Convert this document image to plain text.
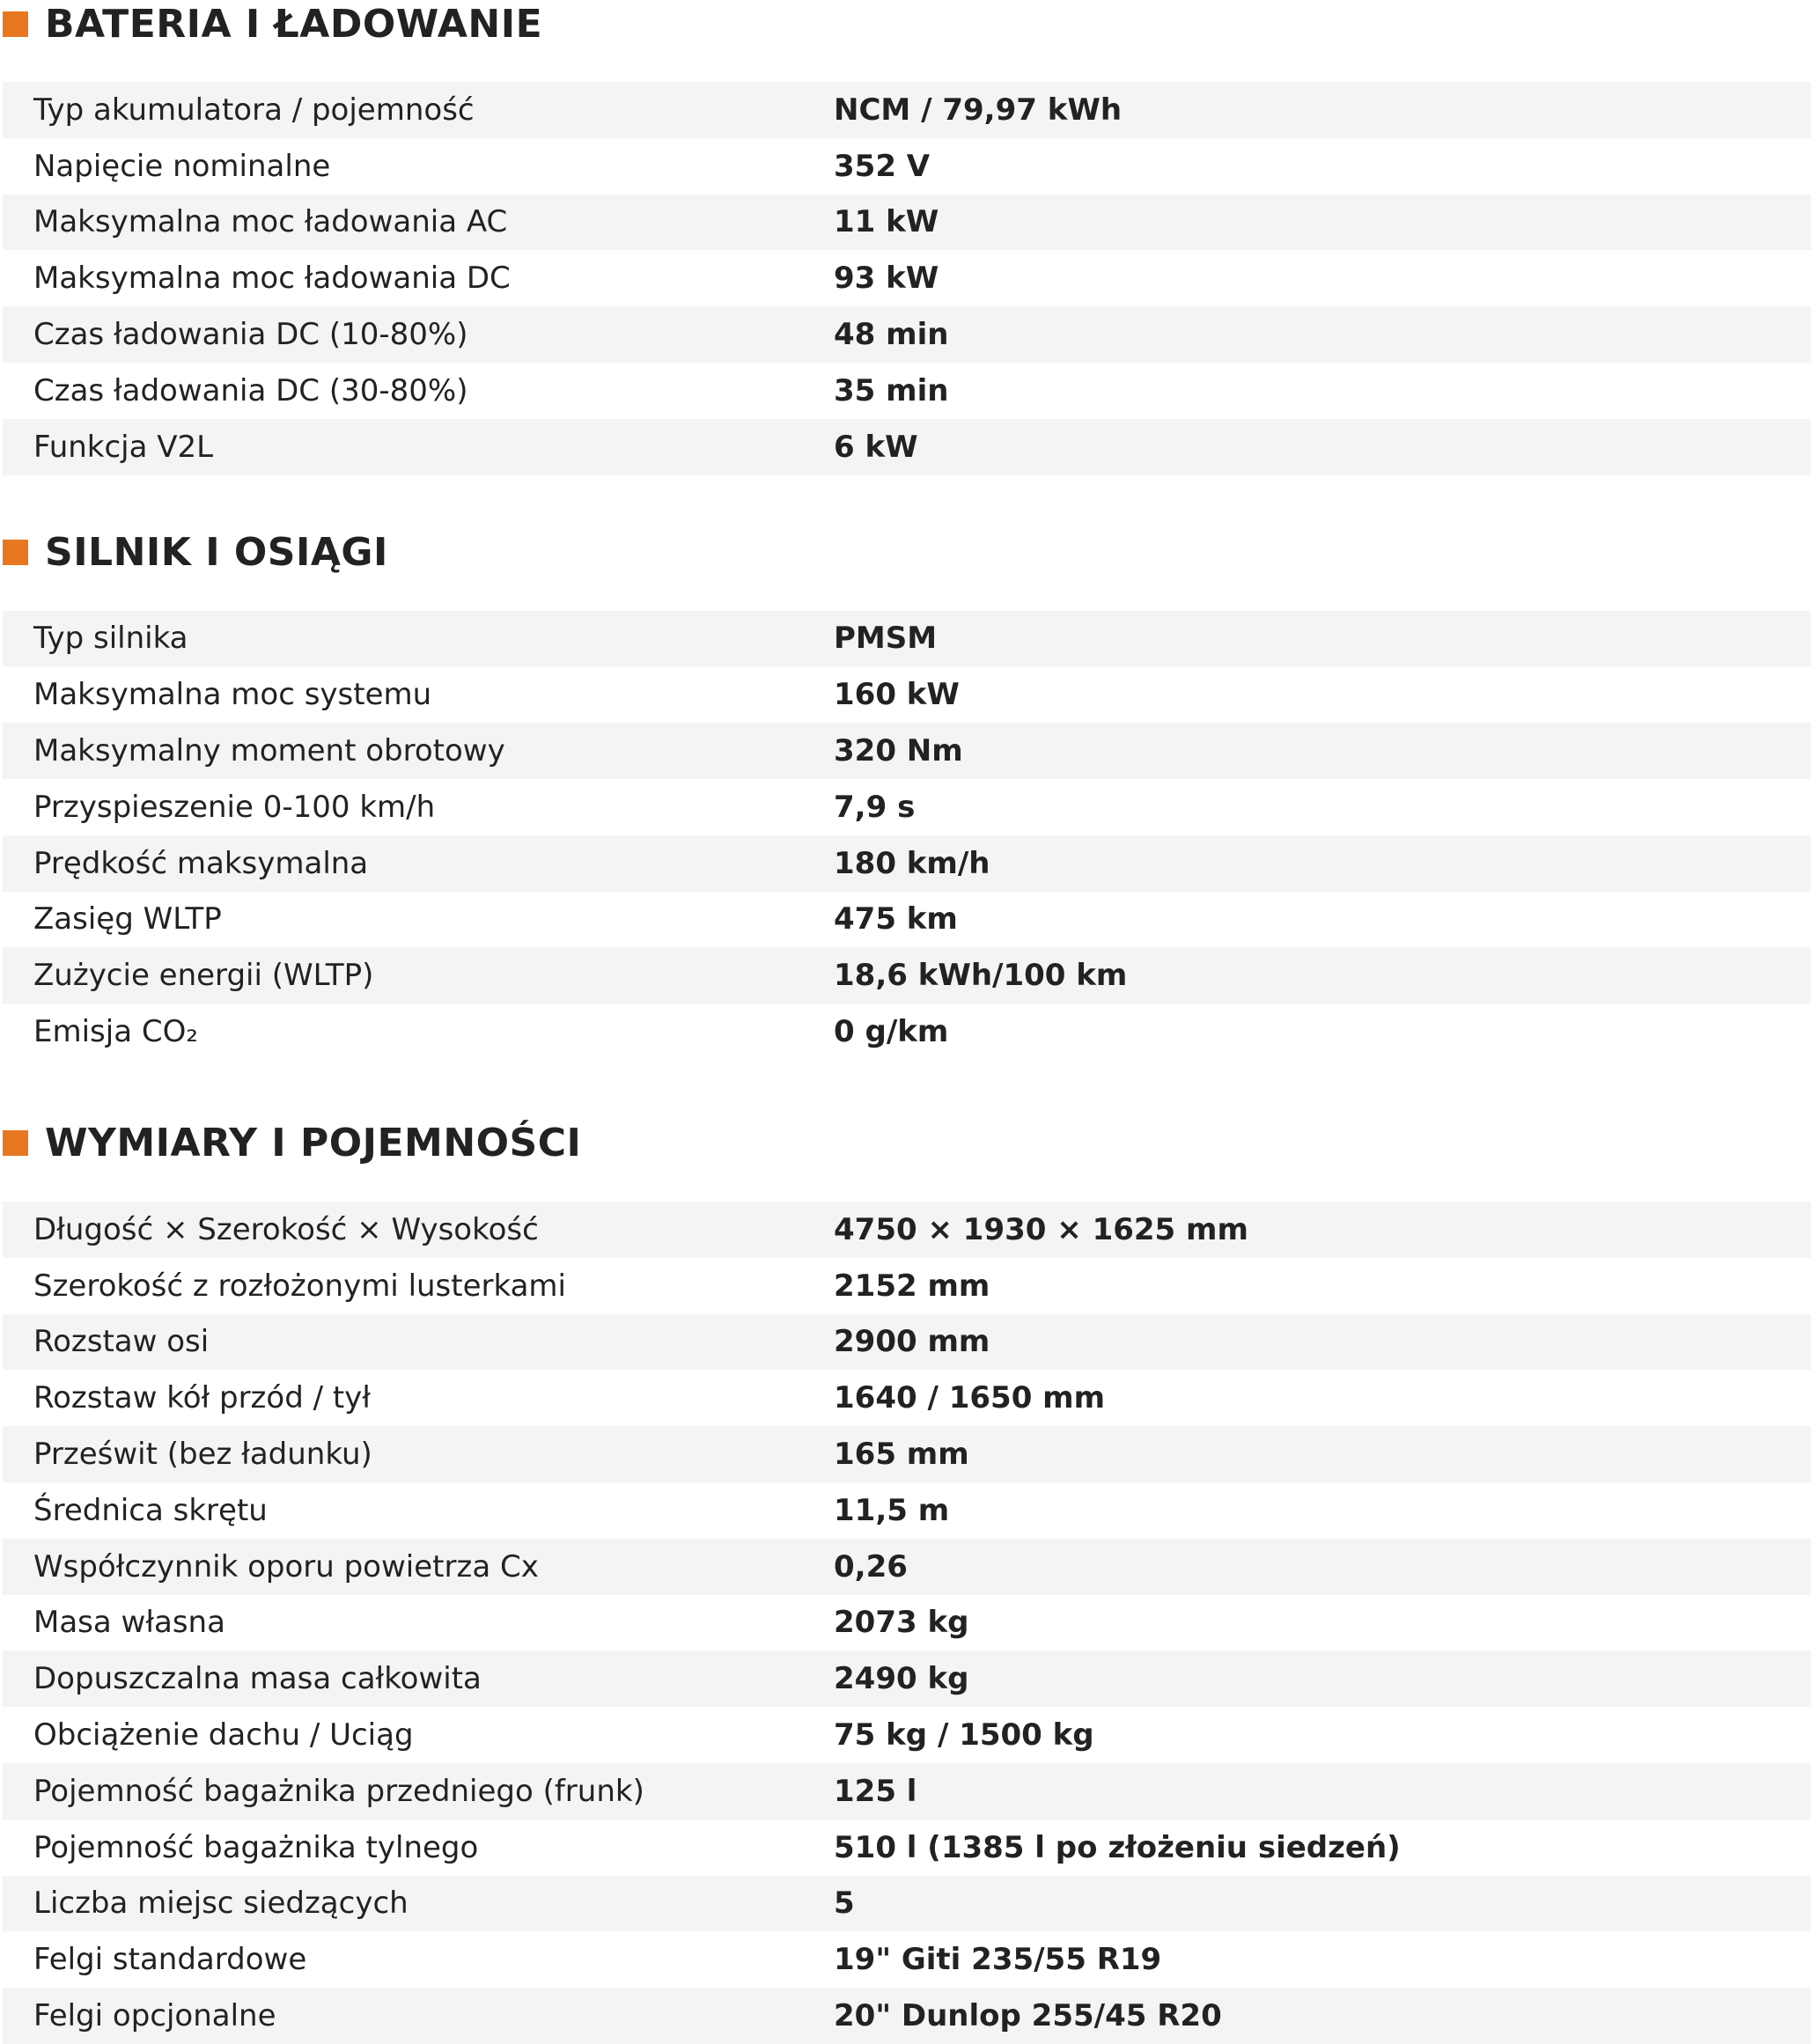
BATERIA I ŁADOWANIE
Typ akumulatora / pojemność	NCM / 79,97 kWh
Napięcie nominalne	352 V
Maksymalna moc ładowania AC	11 kW
Maksymalna moc ładowania DC	93 kW
Czas ładowania DC (10-80%)	48 min
Czas ładowania DC (30-80%)	35 min
Funkcja V2L	6 kW
SILNIK I OSIĄGI
Typ silnika	PMSM
Maksymalna moc systemu	160 kW
Maksymalny moment obrotowy	320 Nm
Przyspieszenie 0-100 km/h	7,9 s
Prędkość maksymalna	180 km/h
Zasięg WLTP	475 km
Zużycie energii (WLTP)	18,6 kWh/100 km
Emisja CO₂	0 g/km
WYMIARY I POJEMNOŚCI
Długość × Szerokość × Wysokość	4750 × 1930 × 1625 mm
Szerokość z rozłożonymi lusterkami	2152 mm
Rozstaw osi	2900 mm
Rozstaw kół przód / tył	1640 / 1650 mm
Prześwit (bez ładunku)	165 mm
Średnica skrętu	11,5 m
Współczynnik oporu powietrza Cx	0,26
Masa własna	2073 kg
Dopuszczalna masa całkowita	2490 kg
Obciążenie dachu / Uciąg	75 kg / 1500 kg
Pojemność bagażnika przedniego (frunk)	125 l
Pojemność bagażnika tylnego	510 l (1385 l po złożeniu siedzeń)
Liczba miejsc siedzących	5
Felgi standardowe	19" Giti 235/55 R19
Felgi opcjonalne	20" Dunlop 255/45 R20
